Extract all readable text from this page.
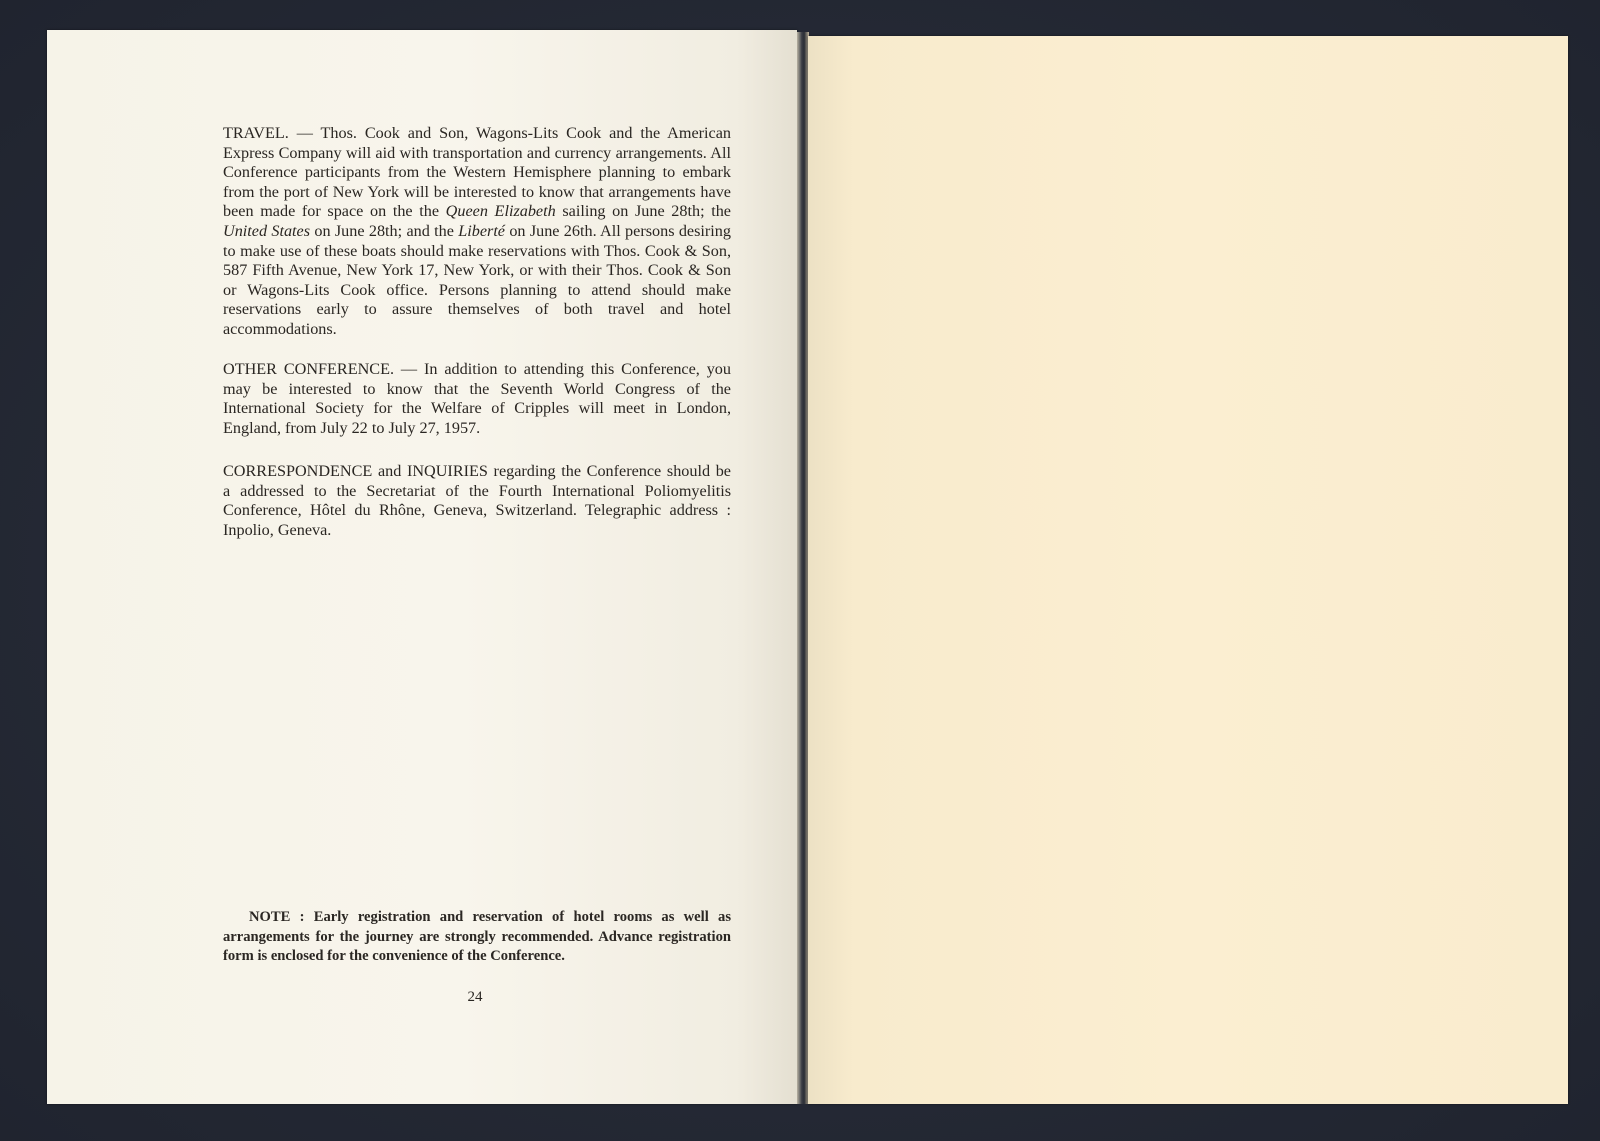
TRAVEL. — Thos. Cook and Son, Wagons-Lits Cook and the American Express Company will aid with transportation and currency arrangements. All Conference participants from the Western Hemisphere planning to embark from the port of New York will be interested to know that arrangements have been made for space on the the Queen Elizabeth sailing on June 28th; the United States on June 28th; and the Liberté on June 26th. All persons desiring to make use of these boats should make reservations with Thos. Cook & Son, 587 Fifth Avenue, New York 17, New York, or with their Thos. Cook & Son or Wagons-Lits Cook office. Persons planning to attend should make reservations early to assure themselves of both travel and hotel accommodations.

OTHER CONFERENCE. — In addition to attending this Conference, you may be interested to know that the Seventh World Congress of the International Society for the Welfare of Cripples will meet in London, England, from July 22 to July 27, 1957.

CORRESPONDENCE and INQUIRIES regarding the Conference should be a addressed to the Secretariat of the Fourth International Poliomyelitis Conference, Hôtel du Rhône, Geneva, Switzerland. Telegraphic address : Inpolio, Geneva.

NOTE : Early registration and reservation of hotel rooms as well as arrangements for the journey are strongly recommended. Advance registration form is enclosed for the convenience of the Conference.

24
